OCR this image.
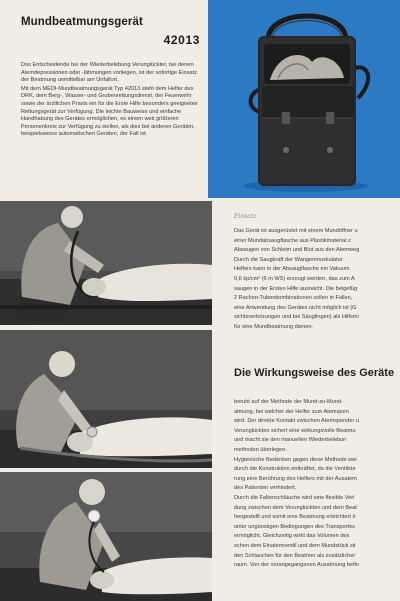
Mundbeatmungsgerät
42013

Das Entscheidende bei der Wiederbelebung Verunglückter, bei denen Atemdepressionen oder -lähmungen vorliegen, ist der sofortige Einsatz der Beatmung unmittelbar am Unfallort.

Mit dem MEDI-Mundbeatmungsgerät Typ 42013 steht dem Helfer des DRK, dem Berg-, Wasser- und Grubenrettungsdienst, der Feuerwehr sowie der ärztlichen Praxis ein für die Erste Hilfe besonders geeignetes Rettungsgerät zur Verfügung. Die leichte Bauweise und einfache Handhabung des Gerätes ermöglichen, es einem weit größeren Personenkreis zur Verfügung zu stellen, als dies bei anderen Geräten, beispielsweise automatischen Geräten, der Fall ist.

Einsatz
Das Gerät ist ausgerüstet mit einem Mundöffner u
einer Mundabsaugflasche aus Plastikmaterial z
Absaugen von Schleim und Blut aus den Atemweg
Durch die Saugkraft der Wangenmuskulatur
Helfers kann in der Absaugflasche ein Vakuum
0,6 kp/cm² (6 m WS) erzeugt werden, das zum A
saugen in der Ersten Hilfe ausreicht. Die beigefüg
2 Rachen-Tubenkombinationen sollen in Fällen,
eine Anwendung des Gerätes nicht möglich ist (G
sichtsverletzungen und bei Säuglingen) als Hilfsmi
für eine Mundbeatmung dienen.
Die Wirkungsweise des Geräte
beruht auf der Methode der Mund-zu-Mund-
atmung, bei welcher der Helfer zum Atemspen
wird. Der direkte Kontakt zwischen Atemspender u
Verunglückten sichert eine wirkungsvolle Beatmu
und macht sie den manuellen Wiederbelebun
methoden überlegen.
Hygienische Bedenken gegen diese Methode wer
durch die Konstruktion entkräftet, da die Ventilste
rung eine Berührung des Helfers mit der Ausatem
des Patienten verhindert.
Durch die Faltenschläuche wird eine flexible Verl
dung zwischen dem Verunglückten und dem Beat
hergestellt und somit eine Beatmung erleichtert b
unter ungünstigen Bedingungen des Transportes
ermöglicht. Gleichzeitig wirkt das Volumen des
schen dem Einatemventil und dem Mundstück sit
den Schlauches für den Beatmer als zusätzlicher
raum. Von der vorangegangenen Ausatmung befin
